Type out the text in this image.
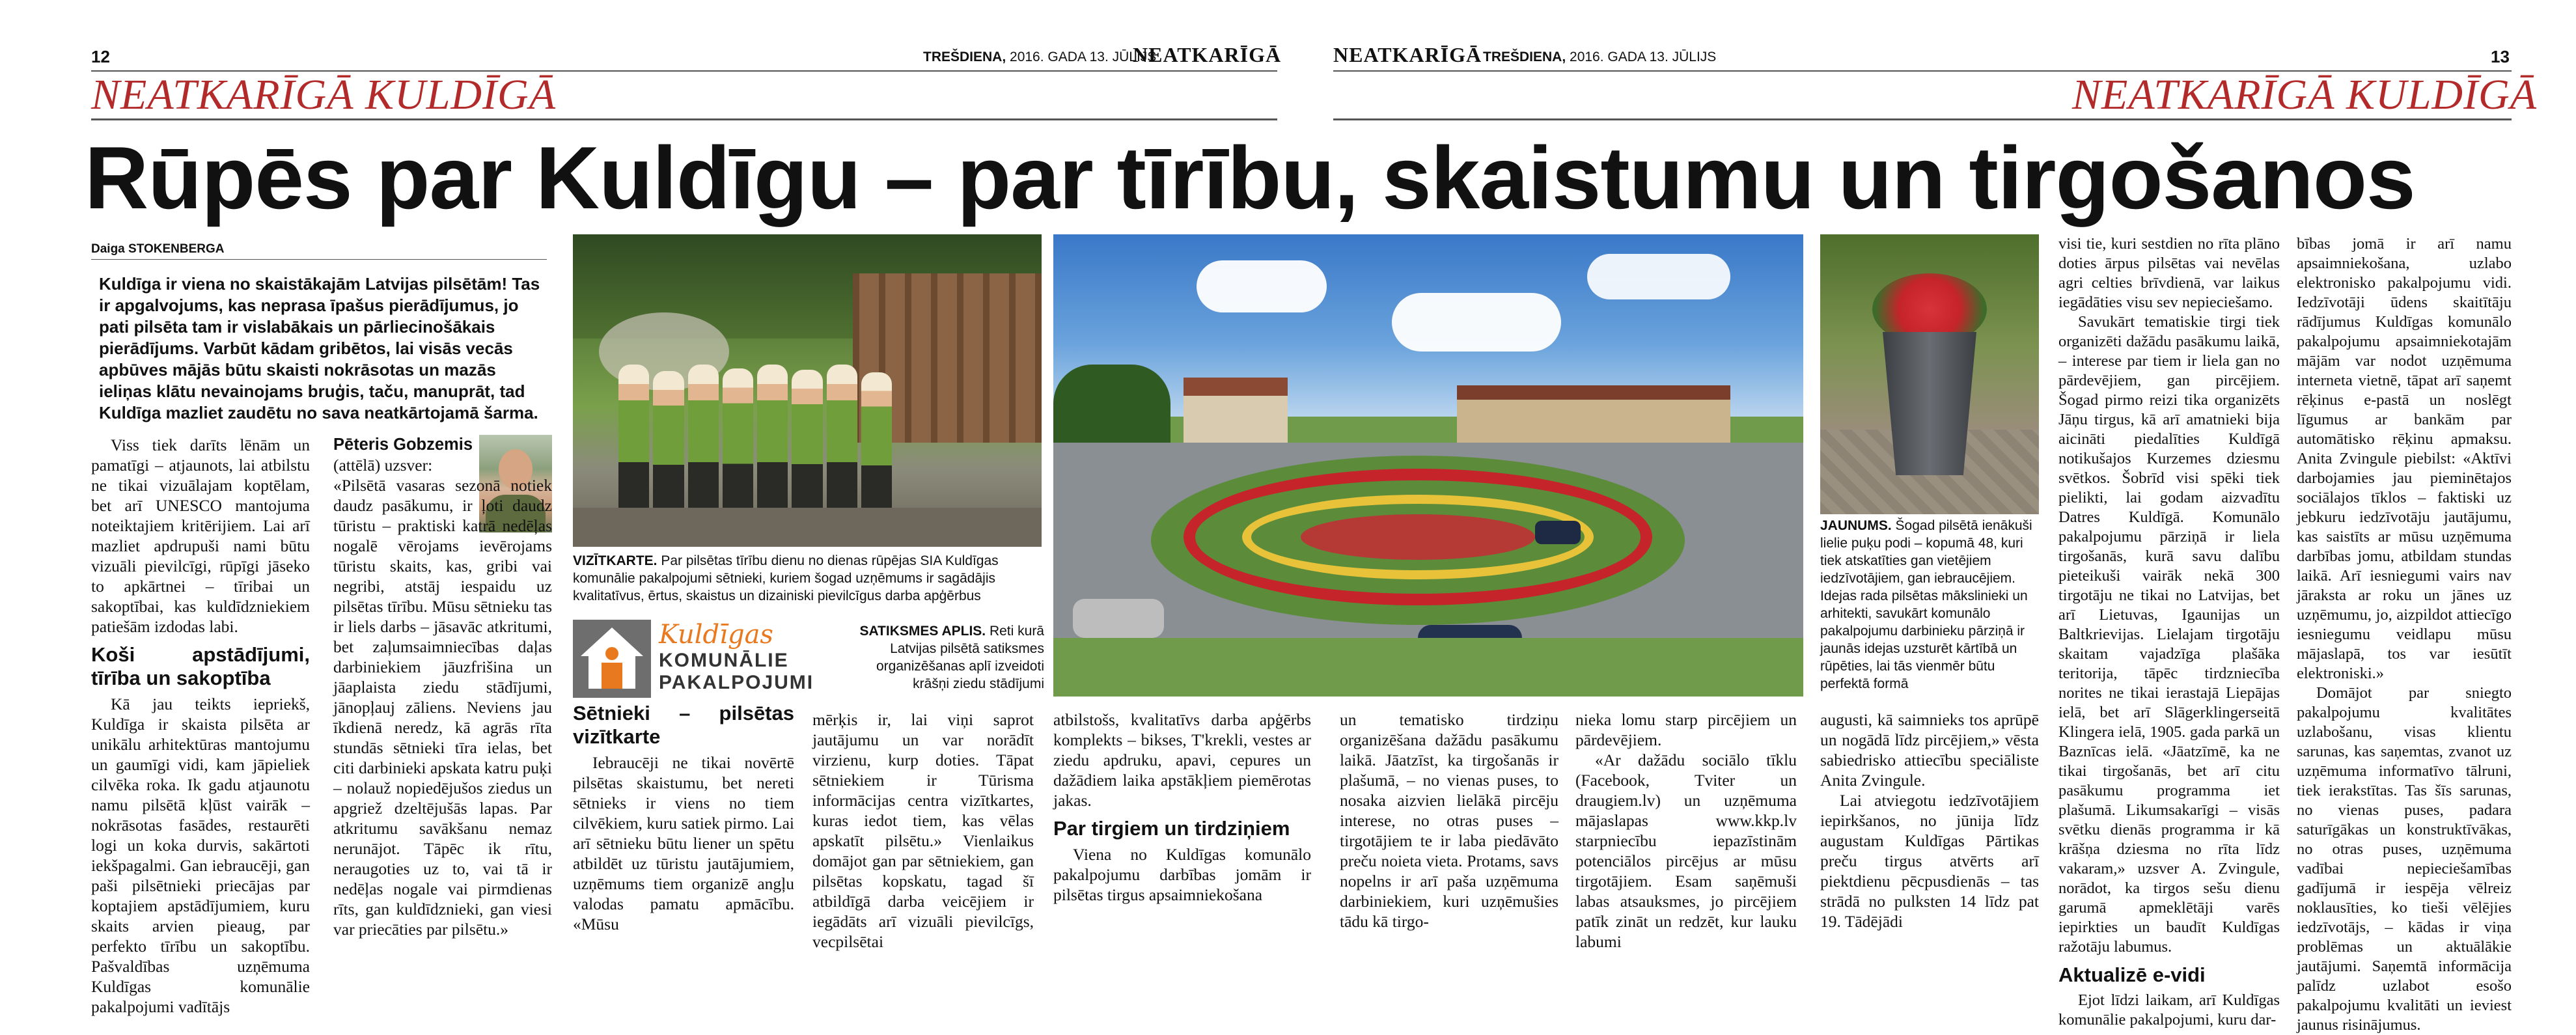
12	TREŠDIENA, 2016. GADA 13. JŪLIJS
NEATKARĪGĀ
NEATKARĪGĀ KULDĪGĀ
NEATKARĪGĀ TREŠDIENA, 2016. GADA 13. JŪLIJS	13
NEATKARĪGĀ KULDĪGĀ
Rūpēs par Kuldīgu – par tīrību, skaistumu un tirgošanos
Daiga STOKENBERGA
Kuldīga ir viena no skaistākajām Latvijas pilsētām! Tas ir apgalvojums, kas neprasa īpašus pierādījumus, jo pati pilsēta tam ir vislabākais un pārliecinošākais pierādījums. Varbūt kādam gribētos, lai visās vecās apbūves mājās būtu skaisti nokrāsotas un mazās ieliņas klātu nevainojams bruģis, taču, manuprāt, tad Kuldīga mazliet zaudētu no sava neatkārtojamā šarma.

Viss tiek darīts lēnām un pamatīgi – atjaunots, lai atbilstu ne tikai vizuālajam koptēlam, bet arī UNESCO mantojuma noteiktajiem kritērijiem. Lai arī mazliet apdrupuši nami būtu vizuāli pievilcīgi, rūpīgi jāseko to apkārtnei – tīribai un sakoptībai, kas kuldīdzniekiem patiešām izdodas labi.

Koši apstādījumi, tīrība un sakoptība

Kā jau teikts iepriekš, Kuldīga ir skaista pilsēta ar unikālu arhitektūras mantojumu un gaumīgi vidi, kam jāpieliek cilvēka roka. Ik gadu atjaunotu namu pilsētā kļūst vairāk – nokrāsotas fasādes, restaurēti logi un koka durvis, sakārtoti iekšpagalmi. Gan iebraucēji, gan paši pilsētnieki priecājas par koptajiem apstādījumiem, kuru skaits arvien pieaug, par perfekto tīrību un sakoptību. Pašvaldības uzņēmuma Kuldīgas komunālie pakalpojumi vadītājs

Pēteris Gobzemis

(attēlā) uzsver:

«Pilsētā vasaras sezonā notiek daudz pasākumu, ir ļoti daudz tūristu – praktiski katrā nedēļas nogalē vērojams ievērojams tūristu skaits, kas, gribi vai negribi, atstāj iespaidu uz pilsētas tīrību. Mūsu sētnieku tas ir liels darbs – jāsavāc atkritumi, bet zaļumsaimniecības daļas darbiniekiem jāuzfrišina un jāaplaista ziedu stādījumi, jānopļauj zāliens. Neviens jau īkdienā neredz, kā agrās rīta stundās sētnieki tīra ielas, bet citi darbinieki apskata katru puķi – nolauž nopiedējušos ziedus un apgriež dzeltējušās lapas. Par atkritumu savākšanu nemaz nerunājot. Tāpēc ik rītu, neraugoties uz to, vai tā ir nedēļas nogale vai pirmdienas rīts, gan kuldīdznieki, gan viesi var priecāties par pilsētu.»

VIZĪTKARTE. Par pilsētas tīrību dienu no dienas rūpējas SIA Kuldīgas komunālie pakalpojumi sētnieki, kuriem šogad uzņēmums ir sagādājis kvalitatīvus, ērtus, skaistus un dizainiski pievilcīgus darba apģērbus
Kuldīgas
KOMUNĀLIE
PAKALPOJUMI
SATIKSMES APLIS. Reti kurā Latvijas pilsētā satiksmes organizēšanas aplī izveidoti krāšņi ziedu stādījumi
Sētnieki – pilsētas vizītkarte

Iebraucēji ne tikai novērtē pilsētas skaistumu, bet nereti sētnieks ir viens no tiem cilvēkiem, kuru satiek pirmo. Lai arī sētnieku būtu liener un spētu atbildēt uz tūristu jautājumiem, uzņēmums tiem organizē angļu valodas pamatu apmācību. «Mūsu

mērķis ir, lai viņi saprot jautājumu un var norādīt virzienu, kurp doties. Tāpat sētniekiem ir Tūrisma informācijas centra vizītkartes, kuras iedot tiem, kas vēlas apskatīt pilsētu.» Vienlaikus domājot gan par sētniekiem, gan pilsētas kopskatu, tagad šī atbildīgā darba veicējiem ir iegādāts arī vizuāli pievilcīgs, vecpilsētai

atbilstošs, kvalitatīvs darba apģērbs komplekts – bikses, T'krekli, vestes ar ziedu apdruku, apavi, cepures un dažādiem laika apstākļiem piemērotas jakas.

Par tirgiem un tirdziņiem

Viena no Kuldīgas komunālo pakalpojumu darbības jomām ir pilsētas tirgus apsaimniekošana

un tematisko tirdziņu organizēšana dažādu pasākumu laikā. Jāatzīst, ka tirgošanās ir plašumā, – no vienas puses, to nosaka aizvien lielākā pircēju interese, no otras puses – tirgotājiem te ir laba piedāvāto preču noieta vieta. Protams, savs nopelns ir arī paša uzņēmuma darbiniekiem, kuri uzņēmušies tādu kā tirgo-

nieka lomu starp pircējiem un pārdevējiem.

«Ar dažādu sociālo tīklu (Facebook, Tviter un draugiem.lv) un uzņēmuma mājaslapas www.kkp.lv starpniecību iepazīstinām potenciālos pircējus ar mūsu tirgotājiem. Esam saņēmuši labas atsauksmes, jo pircējiem patīk zināt un redzēt, kur lauku labumi

JAUNUMS. Šogad pilsētā ienākuši lielie puķu podi – kopumā 48, kuri tiek atskatīties gan vietējiem iedzīvotājiem, gan iebraucējiem. Idejas rada pilsētas mākslinieki un arhitekti, savukārt komunālo pakalpojumu darbinieku pārziņā ir jaunās idejas uzsturēt kārtībā un rūpēties, lai tās vienmēr būtu perfektā formā

augusti, kā saimnieks tos aprūpē un nogādā līdz pircējiem,» vēsta sabiedrisko attiecību speciāliste Anita Zvingule.

Lai atviegotu iedzīvotājiem iepirkšanos, no jūnija līdz augustam Kuldīgas Pārtikas preču tirgus atvērts arī piektdienu pēcpusdienās – tas strādā no pulksten 14 līdz pat 19. Tādējādi

visi tie, kuri sestdien no rīta plāno doties ārpus pilsētas vai nevēlas agri celties brīvdienā, var laikus iegādāties visu sev nepieciešamo.

Savukārt tematiskie tirgi tiek organizēti dažādu pasākumu laikā, – interese par tiem ir liela gan no pārdevējiem, gan pircējiem. Šogad pirmo reizi tika organizēts Jāņu tirgus, kā arī amatnieki bija aicināti piedalīties Kuldīgā notikušajos Kurzemes dziesmu svētkos. Šobrīd visi spēki tiek pielikti, lai godam aizvadītu Datres Kuldīgā. Komunālo pakalpojumu pārziņā ir liela tirgošanās, kurā savu dalību pieteikuši vairāk nekā 300 tirgotāju ne tikai no Latvijas, bet arī Lietuvas, Igaunijas un Baltkrievijas. Lielajam tirgotāju skaitam vajadzīga plašāka teritorija, tāpēc tirdzniecība norites ne tikai ierastajā Liepājas ielā, bet arī Slāgerklingerseitā Klingera ielā, 1905. gada parkā un Baznīcas ielā. «Jāatzīmē, ka ne tikai tirgošanās, bet arī citu pasākumu programma iet plašumā. Likumsakarīgi – visās svētku dienās programma ir kā krāšņa dziesma no rīta līdz vakaram,» uzsver A. Zvingule, norādot, ka tirgos sešu dienu garumā apmeklētāji varēs iepirkties un baudīt Kuldīgas ražotāju labumus.

Aktualizē e-vidi

Ejot līdzi laikam, arī Kuldīgas komunālie pakalpojumi, kuru dar-

bības jomā ir arī namu apsaimniekošana, uzlabo elektronisko pakalpojumu vidi. Iedzīvotāji ūdens skaitītāju rādījumus Kuldīgas komunālo pakalpojumu apsaimniekotajām mājām var nodot uzņēmuma interneta vietnē, tāpat arī saņemt rēķinus e-pastā un noslēgt līgumus ar bankām par automātisko rēķinu apmaksu. Anita Zvingule piebilst: «Aktīvi darbojamies jau pieminētajos sociālajos tīklos – faktiski uz jebkuru iedzīvotāju jautājumu, kas saistīts ar mūsu uzņēmuma darbības jomu, atbildam stundas laikā. Arī iesniegumi vairs nav jāraksta ar roku un jānes uz uzņēmumu, jo, aizpildot attiecīgo iesniegumu veidlapu mūsu mājaslapā, tos var iesūtīt elektroniski.»

Domājot par sniegto pakalpojumu kvalitātes uzlabošanu, visas klientu sarunas, kas saņemtas, zvanot uz uzņēmuma informatīvo tālruni, tiek ierakstītas. Tas šīs sarunas, no vienas puses, padara saturīgākas un konstruktīvākas, no otras puses, uzņēmuma vadībai nepieciešamības gadījumā ir iespēja vēlreiz noklausīties, ko tieši vēlējies iedzīvotājs, – kādas ir viņa problēmas un aktuālākie jautājumi. Saņemtā informācija palīdz uzlabot esošo pakalpojumu kvalitāti un ieviest jaunus risinājumus.
